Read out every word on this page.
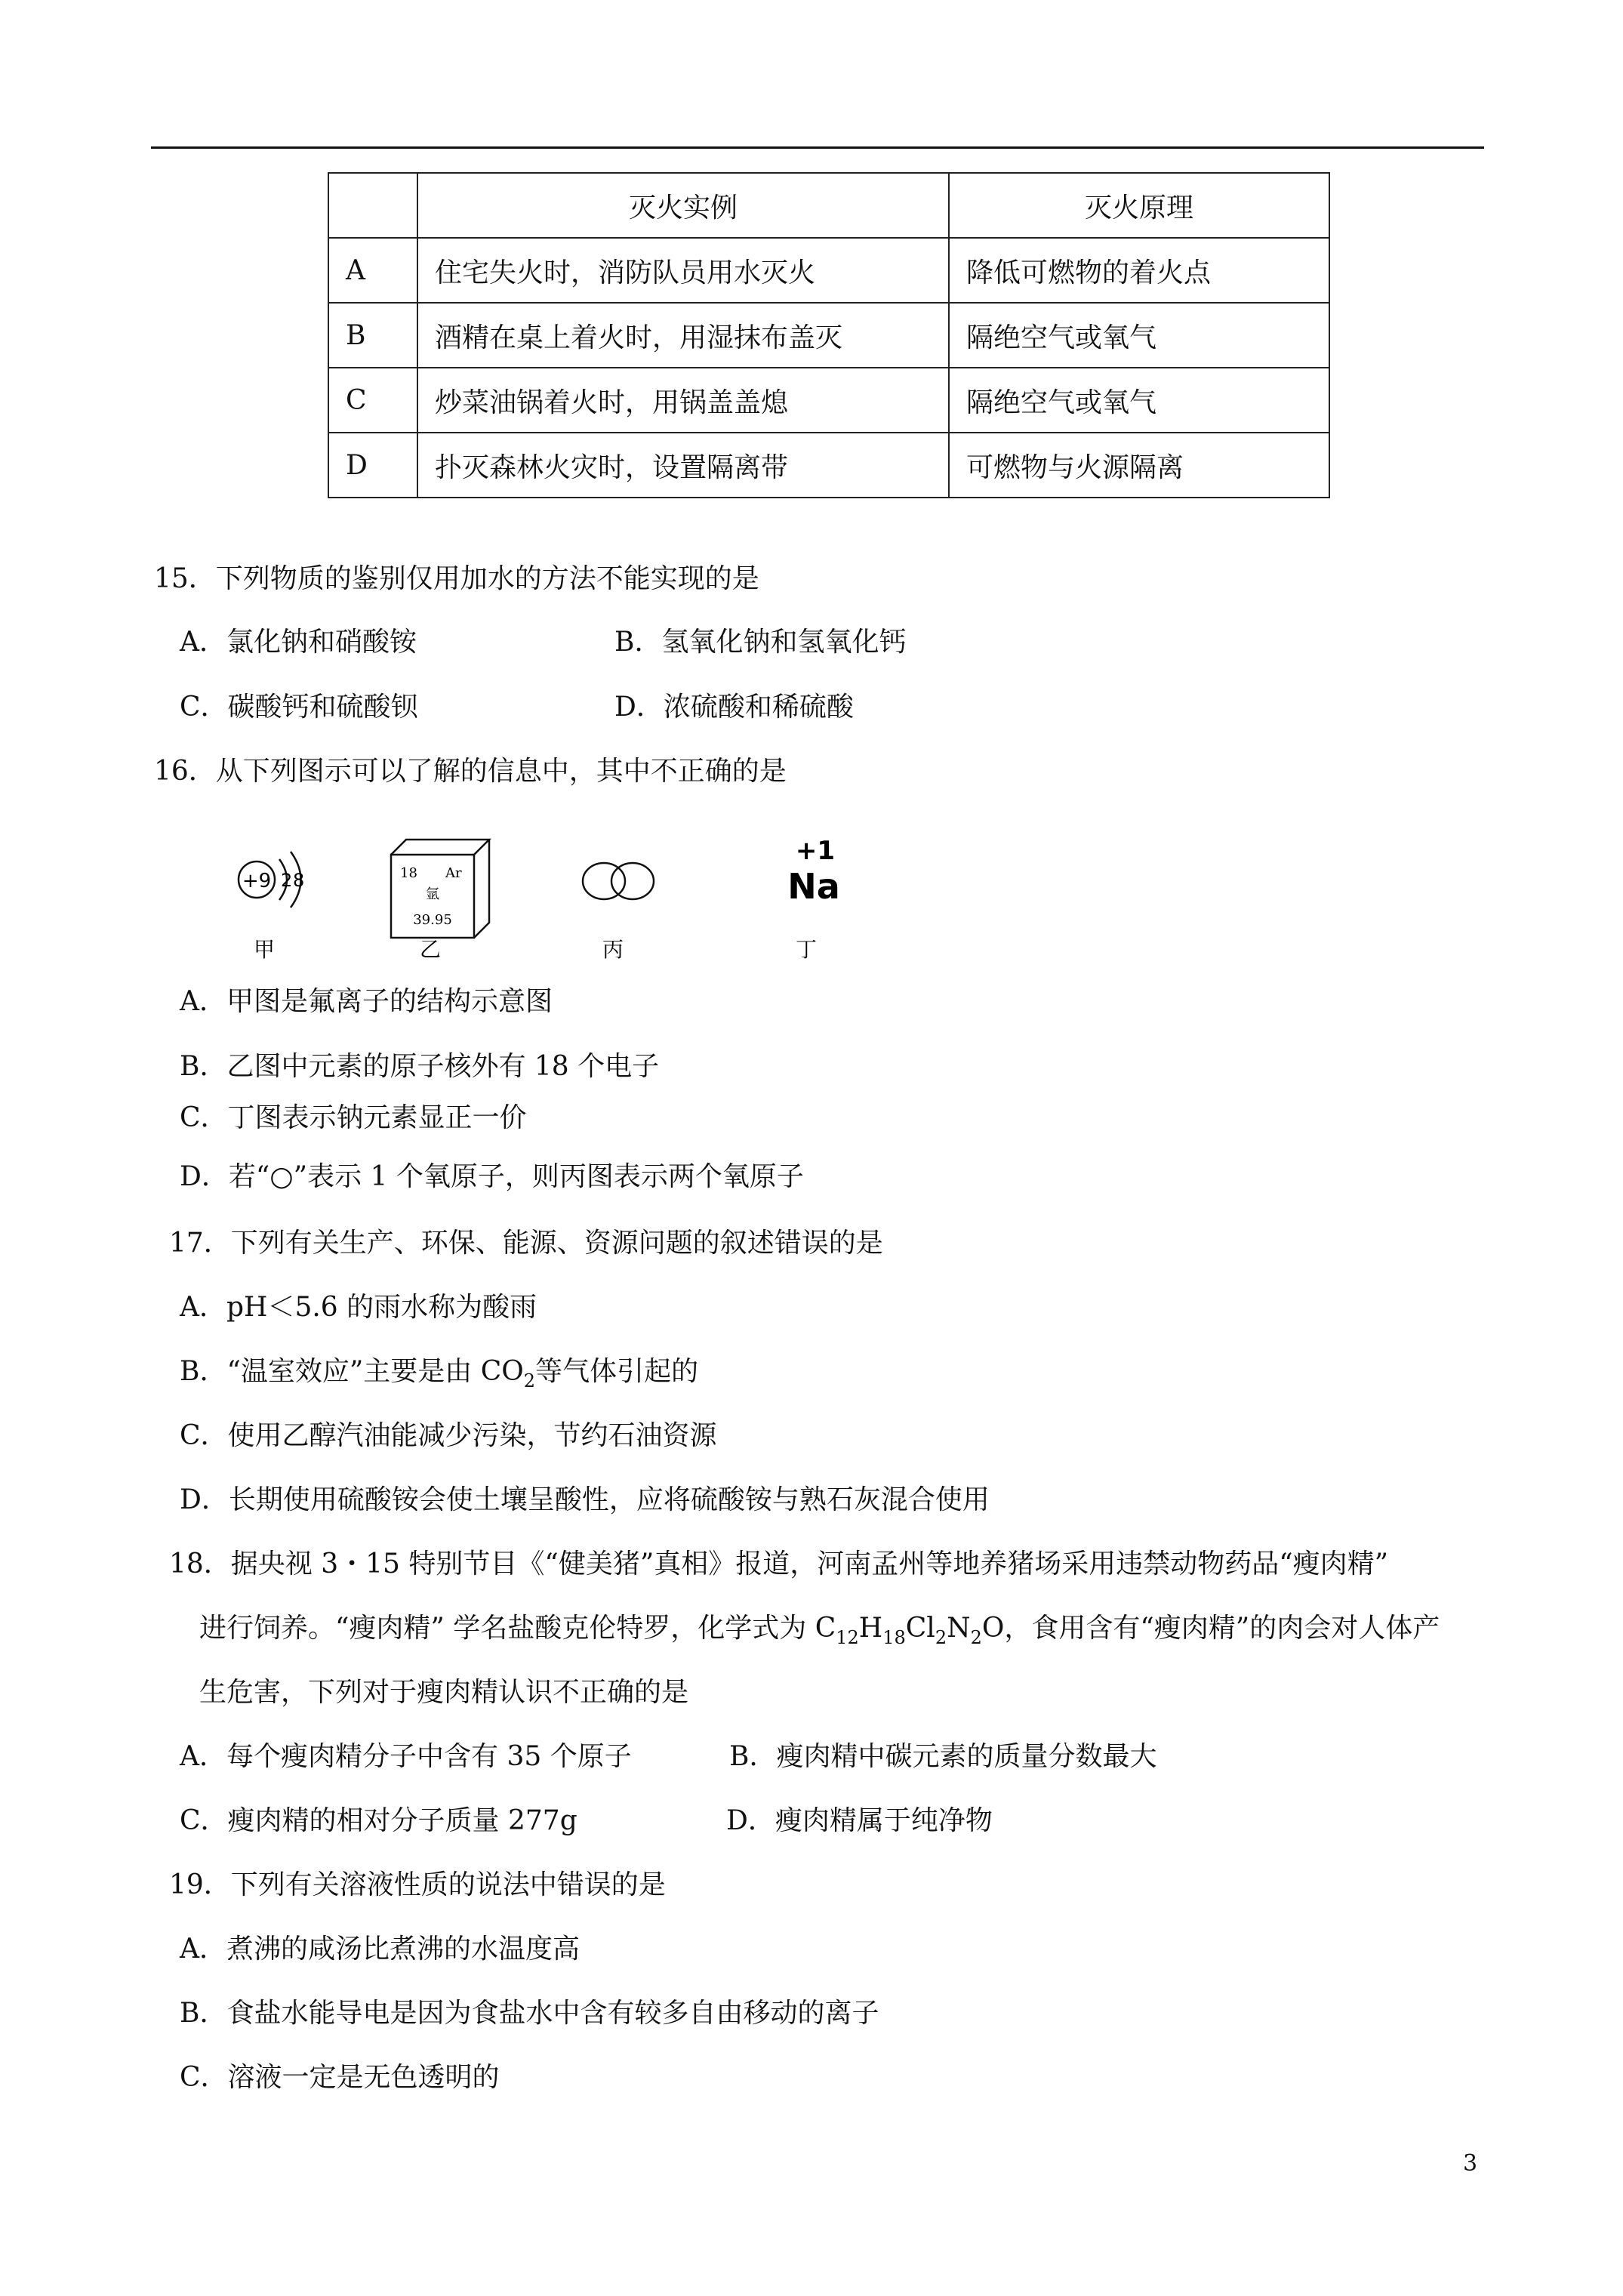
	灭火实例	灭火原理
A	住宅失火时，消防队员用水灭火	降低可燃物的着火点
B	酒精在桌上着火时，用湿抹布盖灭	隔绝空气或氧气
C	炒菜油锅着火时，用锅盖盖熄	隔绝空气或氧气
D	扑灭森林火灾时，设置隔离带	可燃物与火源隔离
15．下列物质的鉴别仅用加水的方法不能实现的是
A．氯化钠和硝酸铵	B．氢氧化钠和氢氧化钙
C．碳酸钙和硫酸钡	D．浓硫酸和稀硫酸
16．从下列图示可以了解的信息中，其中不正确的是
+9 2 8	18 Ar
氩
39.95
+1
Na
甲	乙	丙	丁
A．甲图是氟离子的结构示意图
B．乙图中元素的原子核外有 18 个电子
C．丁图表示钠元素显正一价
D．若“○”表示 1 个氧原子，则丙图表示两个氧原子
17．下列有关生产、环保、能源、资源问题的叙述错误的是
A．pH＜5.6 的雨水称为酸雨
B．“温室效应”主要是由 $CO_2$等气体引起的
C．使用乙醇汽油能减少污染，节约石油资源
D．长期使用硫酸铵会使土壤呈酸性，应将硫酸铵与熟石灰混合使用
18．据央视 3・15 特别节目《“健美猪”真相》报道，河南孟州等地养猪场采用违禁动物药品“瘦肉精”
进行饲养。“瘦肉精” 学名盐酸克伦特罗，化学式为 $C_{12}H_{18}Cl_2N_2O$，食用含有“瘦肉精”的肉会对人体产
生危害，下列对于瘦肉精认识不正确的是
A．每个瘦肉精分子中含有 35 个原子	B．瘦肉精中碳元素的质量分数最大
C．瘦肉精的相对分子质量 277g	D．瘦肉精属于纯净物
19．下列有关溶液性质的说法中错误的是
A．煮沸的咸汤比煮沸的水温度高
B．食盐水能导电是因为食盐水中含有较多自由移动的离子
C．溶液一定是无色透明的
3
